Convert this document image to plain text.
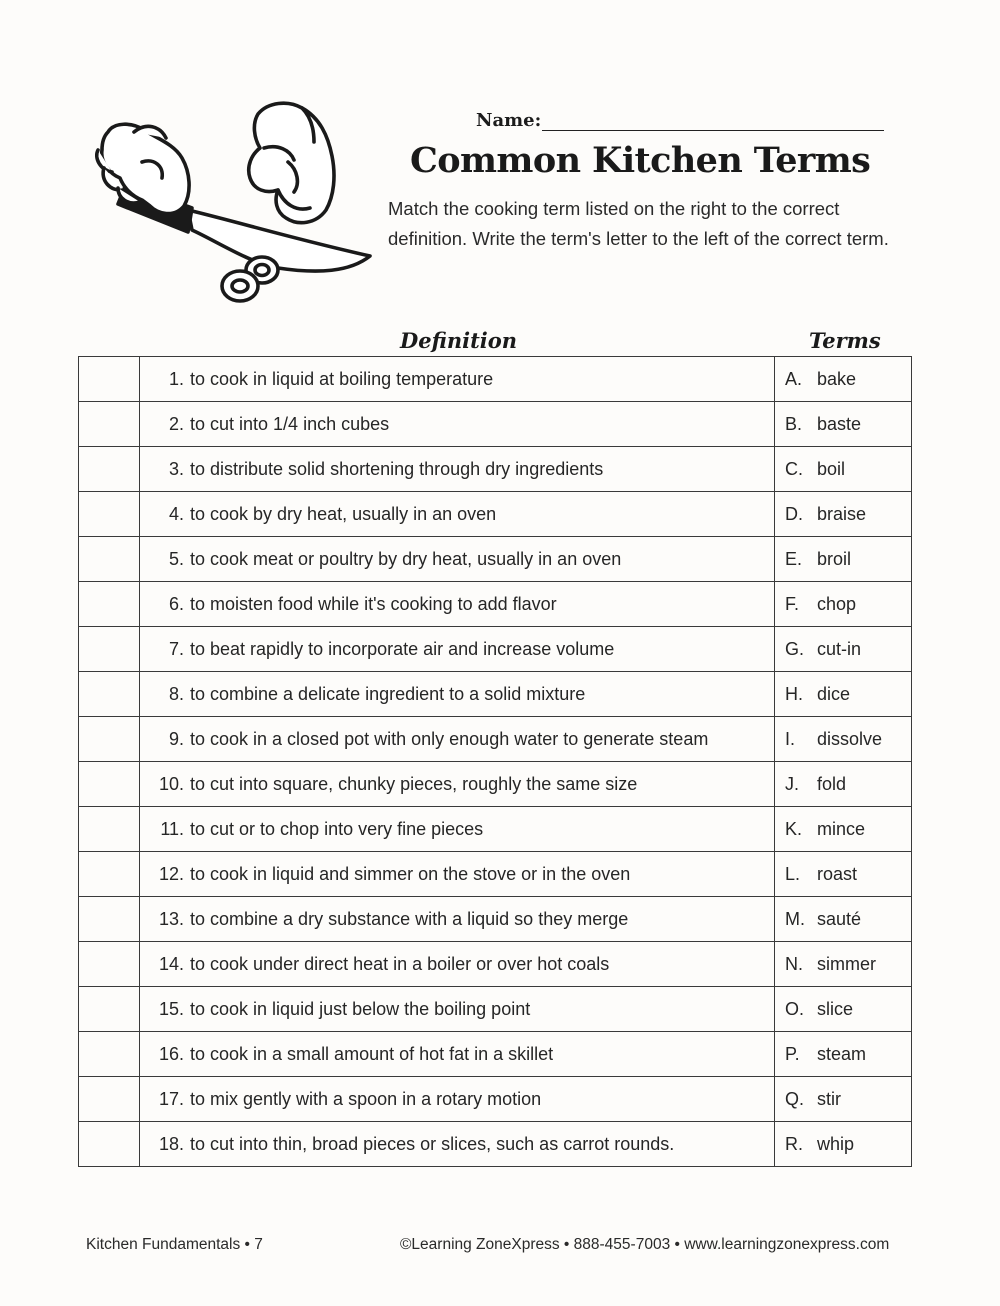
Name:
Common Kitchen Terms

Match the cooking term listed on the right to the correct definition. Write the term's letter to the left of the correct term.

Definition	Terms
	1. to cook in liquid at boiling temperature	A. bake
	2. to cut into 1/4 inch cubes	B. baste
	3. to distribute solid shortening through dry ingredients	C. boil
	4. to cook by dry heat, usually in an oven	D. braise
	5. to cook meat or poultry by dry heat, usually in an oven	E. broil
	6. to moisten food while it's cooking to add flavor	F. chop
	7. to beat rapidly to incorporate air and increase volume	G. cut-in
	8. to combine a delicate ingredient to a solid mixture	H. dice
	9. to cook in a closed pot with only enough water to generate steam	I. dissolve
	10. to cut into square, chunky pieces, roughly the same size	J. fold
	11. to cut or to chop into very fine pieces	K. mince
	12. to cook in liquid and simmer on the stove or in the oven	L. roast
	13. to combine a dry substance with a liquid so they merge	M. sauté
	14. to cook under direct heat in a boiler or over hot coals	N. simmer
	15. to cook in liquid just below the boiling point	O. slice
	16. to cook in a small amount of hot fat in a skillet	P. steam
	17. to mix gently with a spoon in a rotary motion	Q. stir
	18. to cut into thin, broad pieces or slices, such as carrot rounds.	R. whip
Kitchen Fundamentals • 7	©Learning ZoneXpress • 888-455-7003 • www.learningzonexpress.com
